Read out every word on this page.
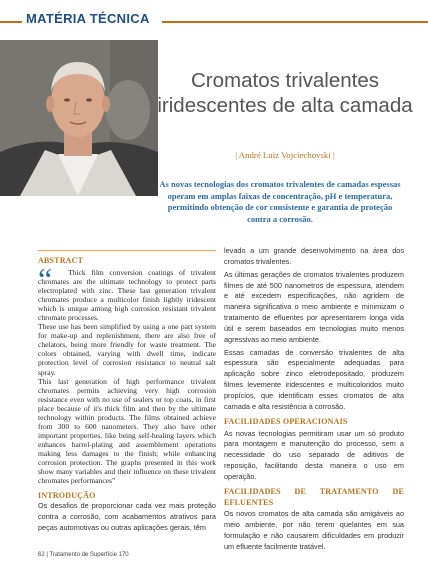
MATÉRIA TÉCNICA
Cromatos trivalentes
iridescentes de alta camada
| André Luiz Vojciechovski |
As novas tecnologias dos cromatos trivalentes de camadas espessas operam em amplas faixas de concentração, pH e temperatura, permitindo obtenção de cor consistente e garantia de proteção contra a corrosão.
ABSTRACT
“	Thick film conversion coatings of trivalent chromates are the ultimate technology to protect parts electroplated with zinc. These last generation trivalent chromates produce a multicolor finish lightly iridescent which is unique among high corrosion resistant trivalent chromate processes.

These use has been simplified by using a one part system for make-up and replenishment, there are also free of chelators, being more friendly for waste treatment. The colors obtained, varying with dwell time, indicate protection level of corrosion resistance to neutral salt spray.

This last generation of high performance trivalent chromates permits achieving very high corrosion resistance even with no use of sealers or top coats, in first place because of it's thick film and then by the ultimate technology within products. The films obtained achieve from 300 to 600 nanometers. They also have other important properties, like being self-healing layers which enhances barrel-plating and assemblement operations making less damages to the finish; while enhancing corrosion protection. The graphs presented in this work show many variables and their influence on these trivalent chromates performances”

INTRODUÇÃO
Os desafios de proporcionar cada vez mais proteção contra a corrosão, com acabamentos atrativos para peças automotivas ou outras aplicações gerais, têm

levado a um grande desenvolvimento na área dos cromatos trivalentes.

As últimas gerações de cromatos trivalentes produzem filmes de até 500 nanometros de espessura, atendem e até excedem especificações, não agridem de maneira significativa o meio ambiente e minimizam o tratamento de efluentes por apresentarem longa vida útil e serem baseados em tecnologias muito menos agressivas ao meio ambiente.

Essas camadas de conversão trivalentes de alta espessura são especialmente adequadas para aplicação sobre zinco eletrodepositado, produzem filmes levemente iridescentes e multicoloridos muito propícios, que identificam esses cromatos de alta camada e alta resistência à corrosão.

FACILIDADES OPERACIONAIS

As novas tecnologias permitiram usar um só produto para montagem e manutenção do processo, sem a necessidade do uso separado de aditivos de reposição, facilitando desta maneira o uso em operação.

FACILIDADES DE TRATAMENTO DE EFLUENTES

Os novos cromatos de alta camada são amigáveis ao meio ambiente, por não terem quelantes em sua formulação e não causarem dificuldades em produzir um efluente facilmente tratável.

62 | Tratamento de Superfície 170
